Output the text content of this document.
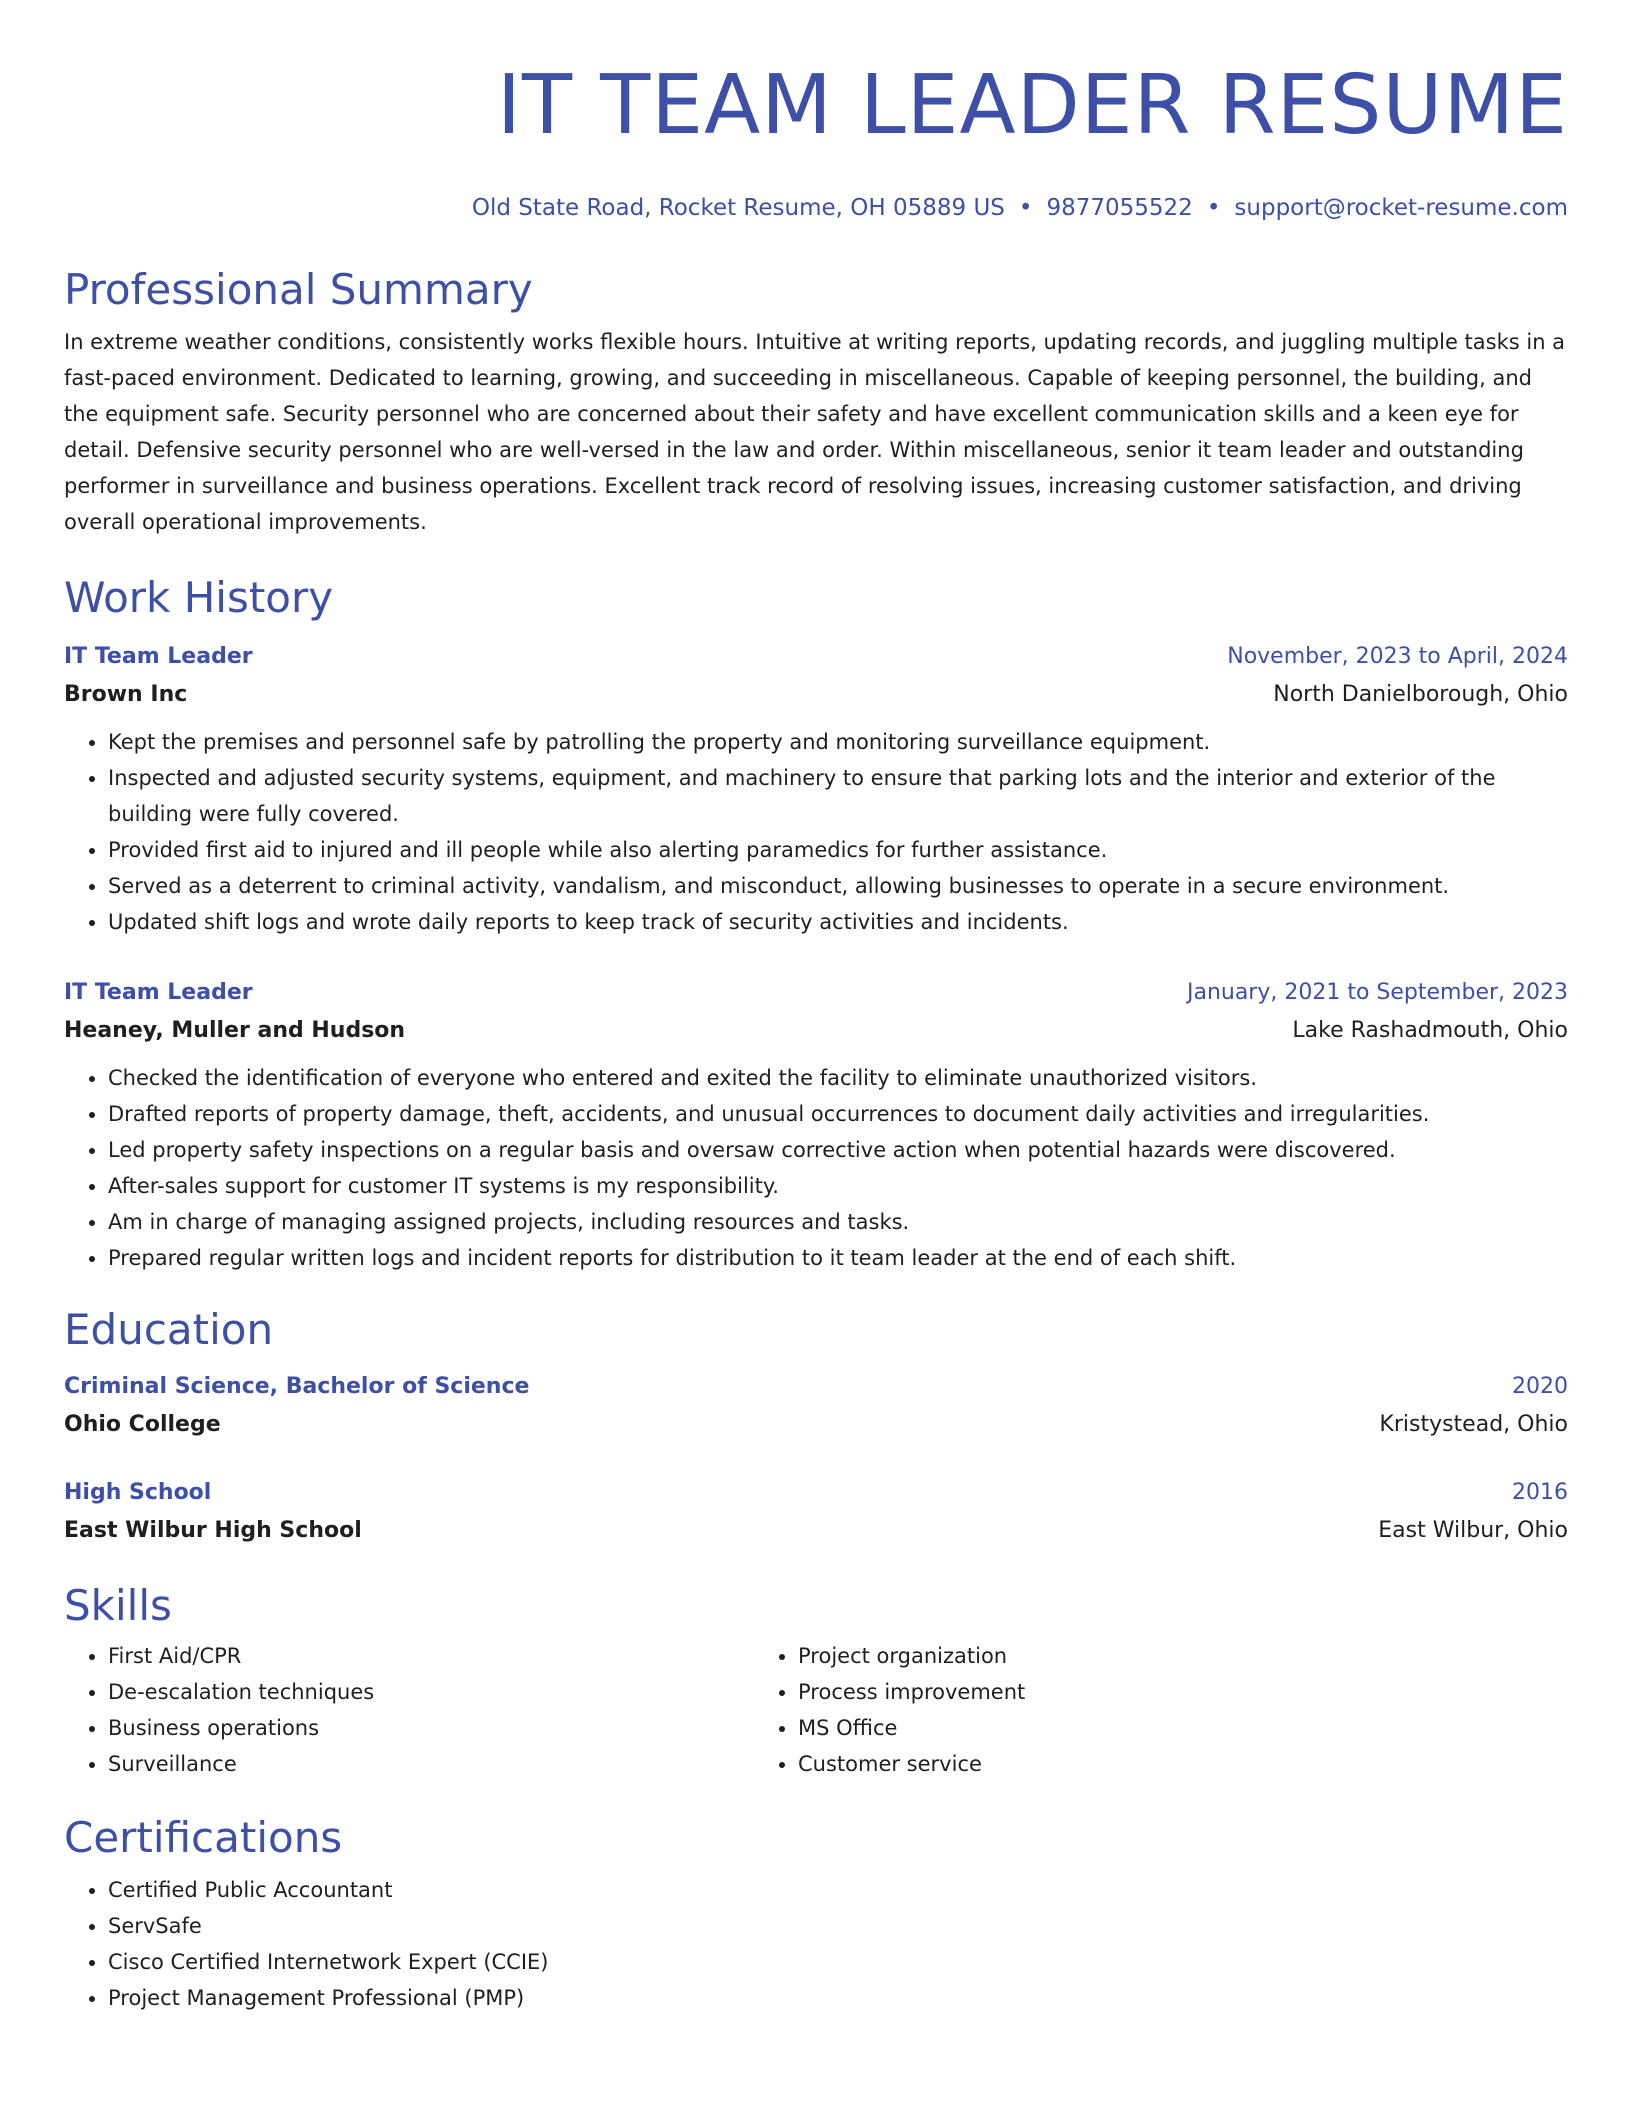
IT TEAM LEADER RESUME
Old State Road, Rocket Resume, OH 05889 US • 9877055522 • support@rocket-resume.com
Professional Summary
In extreme weather conditions, consistently works flexible hours. Intuitive at writing reports, updating records, and juggling multiple tasks in a fast-paced environment. Dedicated to learning, growing, and succeeding in miscellaneous. Capable of keeping personnel, the building, and the equipment safe. Security personnel who are concerned about their safety and have excellent communication skills and a keen eye for detail. Defensive security personnel who are well-versed in the law and order. Within miscellaneous, senior it team leader and outstanding performer in surveillance and business operations. Excellent track record of resolving issues, increasing customer satisfaction, and driving overall operational improvements.
Work History
IT Team Leader	November, 2023 to April, 2024
Brown Inc	North Danielborough, Ohio
• Kept the premises and personnel safe by patrolling the property and monitoring surveillance equipment.
• Inspected and adjusted security systems, equipment, and machinery to ensure that parking lots and the interior and exterior of the building were fully covered.
• Provided first aid to injured and ill people while also alerting paramedics for further assistance.
• Served as a deterrent to criminal activity, vandalism, and misconduct, allowing businesses to operate in a secure environment.
• Updated shift logs and wrote daily reports to keep track of security activities and incidents.
IT Team Leader	January, 2021 to September, 2023
Heaney, Muller and Hudson	Lake Rashadmouth, Ohio
• Checked the identification of everyone who entered and exited the facility to eliminate unauthorized visitors.
• Drafted reports of property damage, theft, accidents, and unusual occurrences to document daily activities and irregularities.
• Led property safety inspections on a regular basis and oversaw corrective action when potential hazards were discovered.
• After-sales support for customer IT systems is my responsibility.
• Am in charge of managing assigned projects, including resources and tasks.
• Prepared regular written logs and incident reports for distribution to it team leader at the end of each shift.
Education
Criminal Science, Bachelor of Science	2020
Ohio College	Kristystead, Ohio
High School	2016
East Wilbur High School	East Wilbur, Ohio
Skills
• First Aid/CPR
• De-escalation techniques
• Business operations
• Surveillance
• Project organization
• Process improvement
• MS Office
• Customer service
Certifications
• Certified Public Accountant
• ServSafe
• Cisco Certified Internetwork Expert (CCIE)
• Project Management Professional (PMP)
